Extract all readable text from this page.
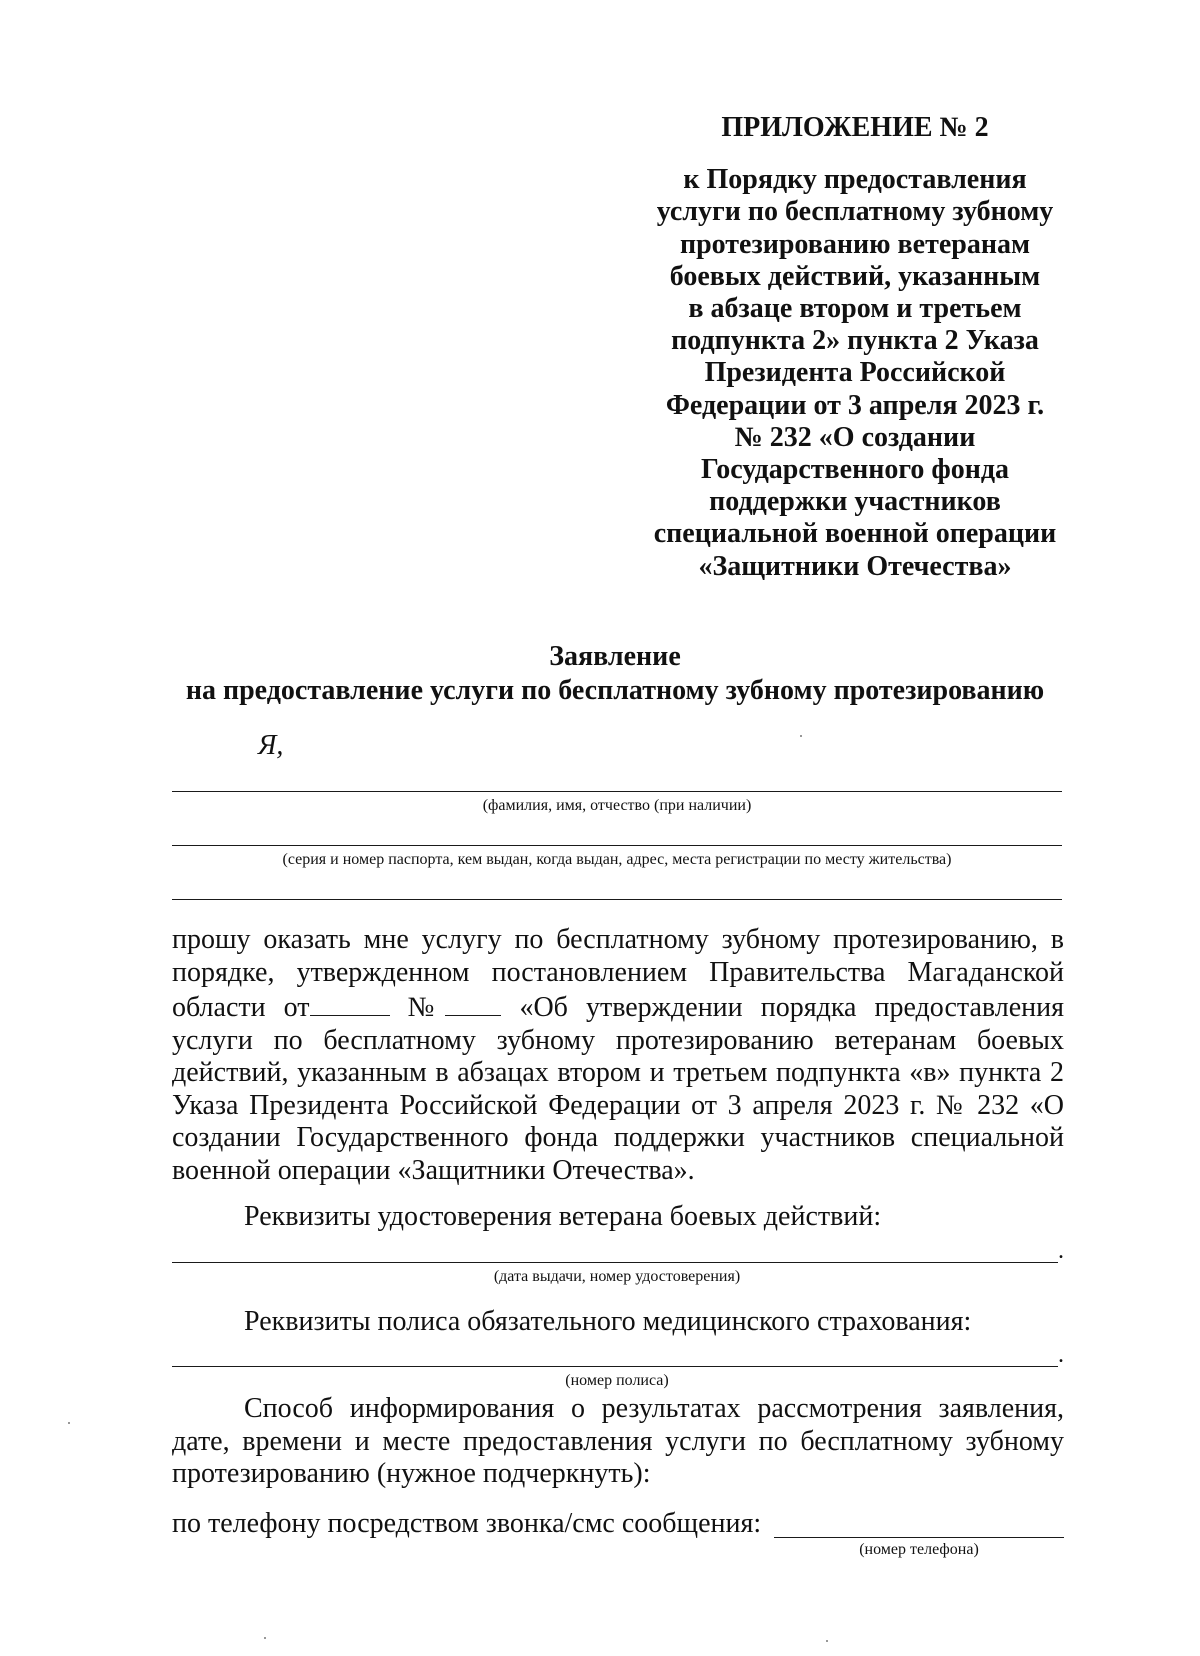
ПРИЛОЖЕНИЕ № 2
к Порядку предоставления
услуги по бесплатному зубному
протезированию ветеранам
боевых действий, указанным
в абзаце втором и третьем
подпункта 2» пункта 2 Указа
Президента Российской
Федерации от 3 апреля 2023 г.
№ 232 «О создании
Государственного фонда
поддержки участников
специальной военной операции
«Защитники Отечества»
Заявление
на предоставление услуги по бесплатному зубному протезированию
Я,
(фамилия, имя, отчество (при наличии)
(серия и номер паспорта, кем выдан, когда выдан, адрес, места регистрации по месту жительства)
прошу оказать мне услугу по бесплатному зубному протезированию, в
порядке, утвержденном постановлением Правительства Магаданской
области от	№	«Об утверждении порядка предоставления
услуги по бесплатному зубному протезированию ветеранам боевых
действий, указанным в абзацах втором и третьем подпункта «в» пункта 2
Указа Президента Российской Федерации от 3 апреля 2023 г. № 232 «О
создании Государственного фонда поддержки участников специальной
военной операции «Защитники Отечества».
Реквизиты удостоверения ветерана боевых действий:
.
(дата выдачи, номер удостоверения)
Реквизиты полиса обязательного медицинского страхования:
.
(номер полиса)
Способ информирования о результатах рассмотрения заявления,
дате, времени и месте предоставления услуги по бесплатному зубному
протезированию (нужное подчеркнуть):
по телефону посредством звонка/смс сообщения:
(номер телефона)
